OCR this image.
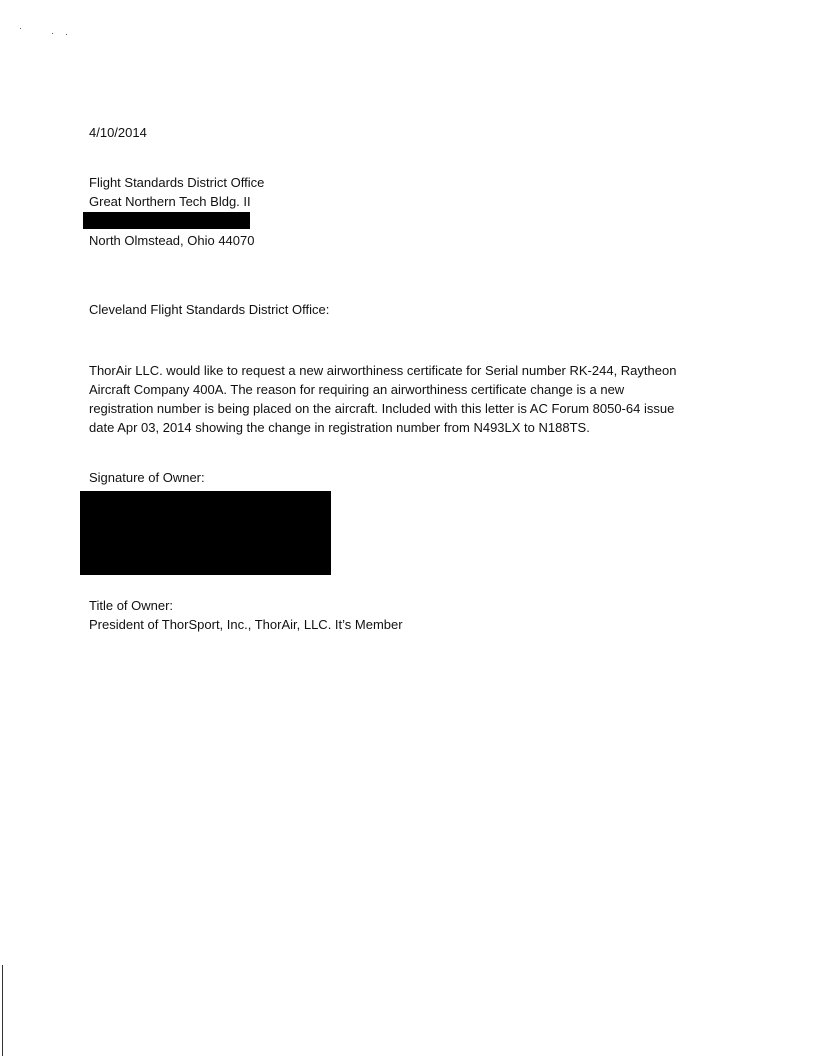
4/10/2014

Flight Standards District Office
Great Northern Tech Bldg. II

North Olmstead, Ohio 44070

Cleveland Flight Standards District Office:

ThorAir LLC. would like to request a new airworthiness certificate for Serial number RK-244, Raytheon
Aircraft Company 400A. The reason for requiring an airworthiness certificate change is a new
registration number is being placed on the aircraft. Included with this letter is AC Forum 8050-64 issue
date Apr 03, 2014 showing the change in registration number from N493LX to N188TS.

Signature of Owner:

Title of Owner:
President of ThorSport, Inc., ThorAir, LLC. It’s Member
